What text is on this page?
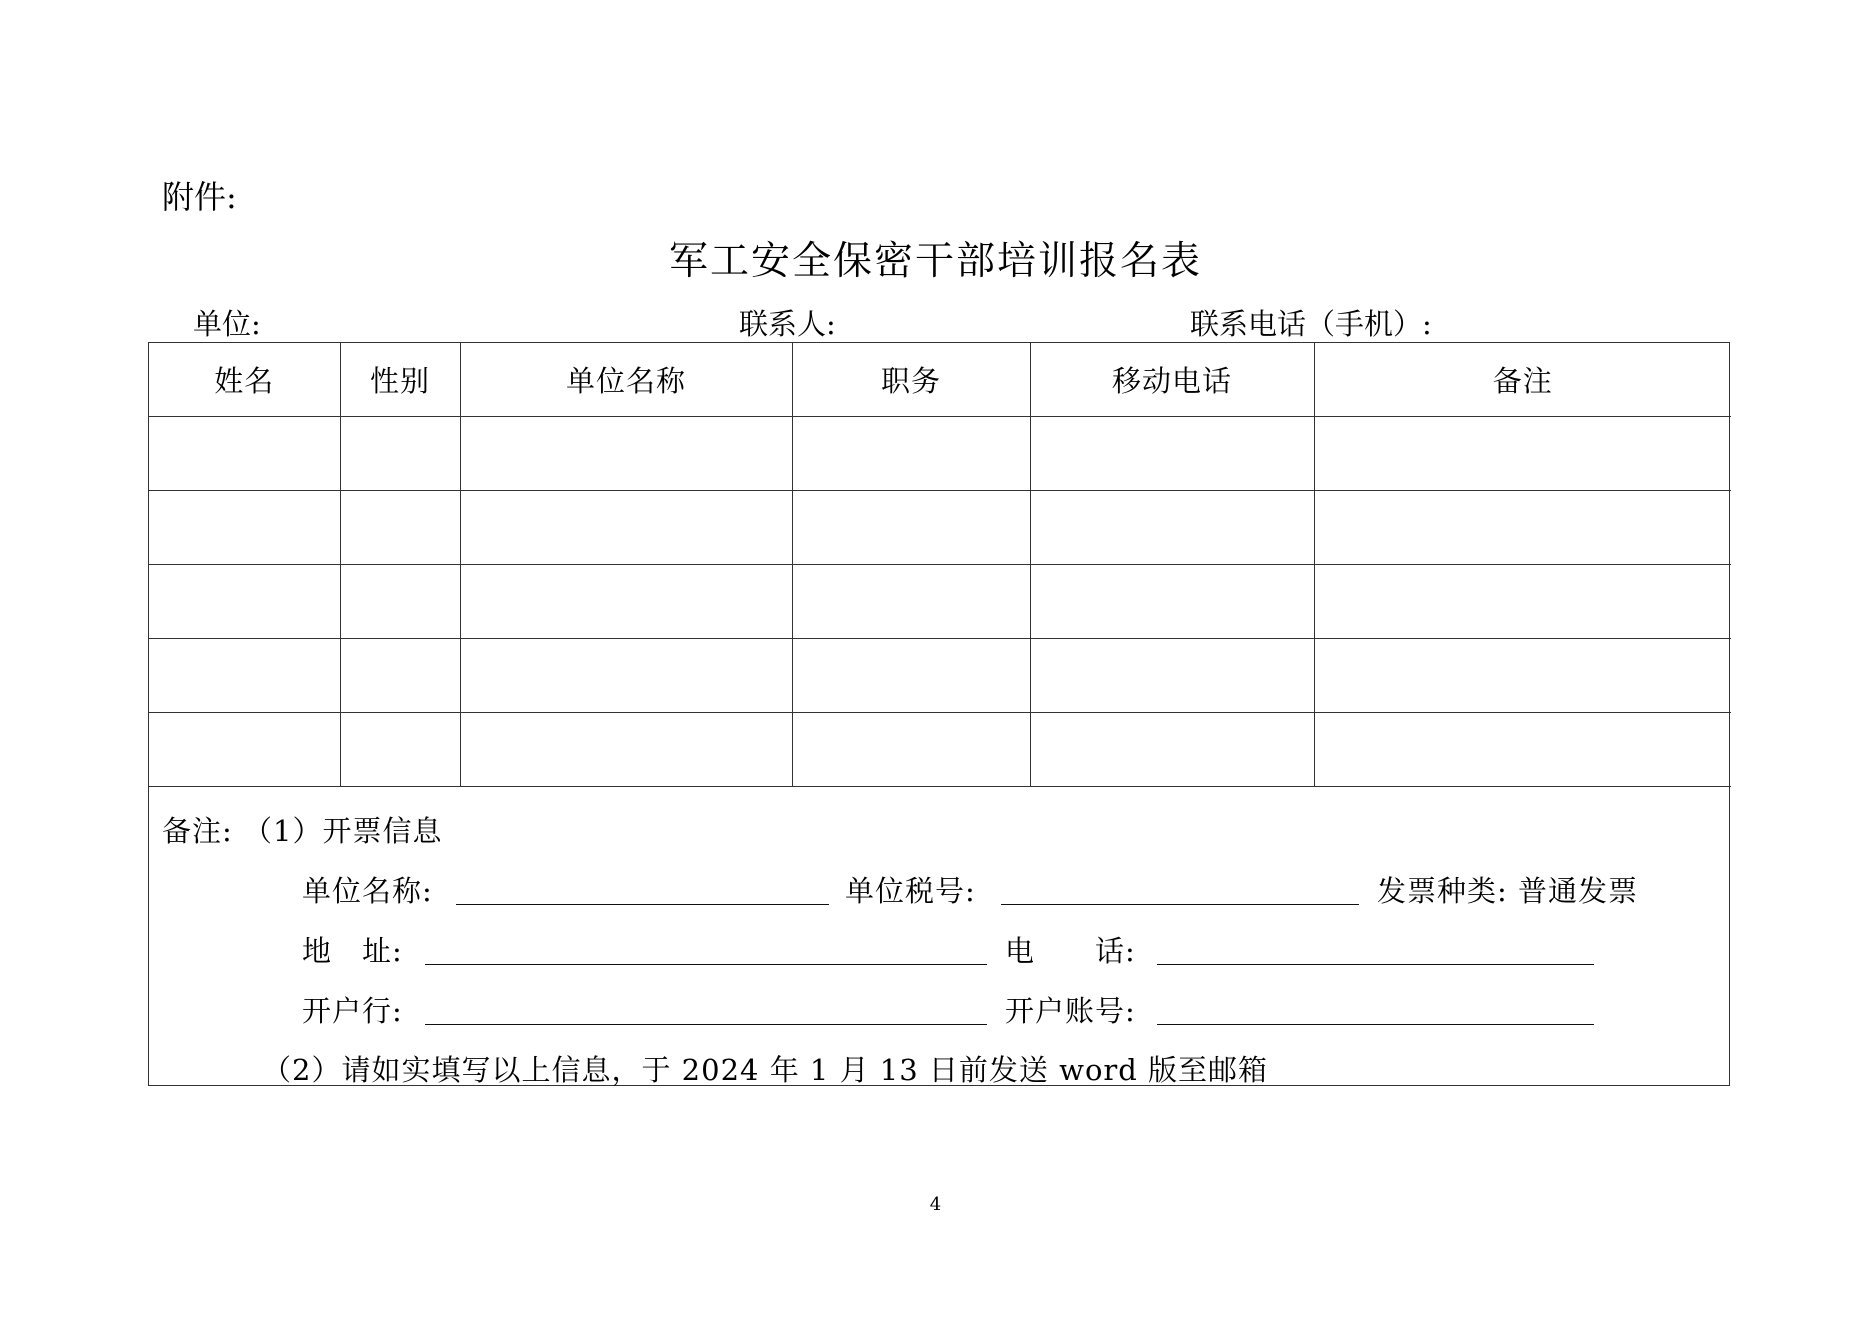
附件:
军工安全保密干部培训报名表
单位:	联系人:	联系电话（手机）:
姓名	性别	单位名称	职务	移动电话	备注

备注: （1）开票信息
单位名称:	单位税号:	发票种类: 普通发票
地　址:	电　　话:
开户行:	开户账号:
（2）请如实填写以上信息，于 2024 年 1 月 13 日前发送 word 版至邮箱
4
